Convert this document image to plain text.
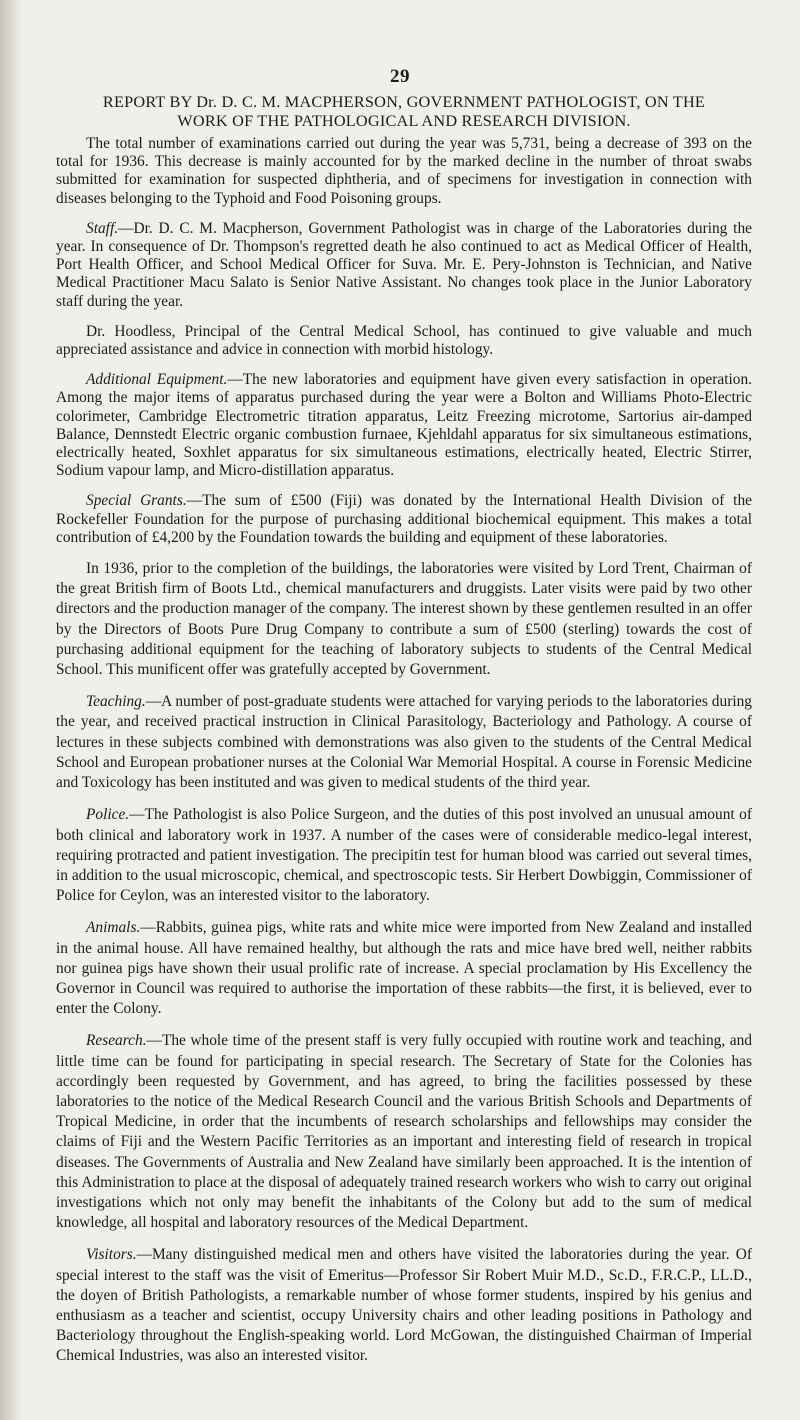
29
REPORT BY Dr. D. C. M. MACPHERSON, GOVERNMENT PATHOLOGIST, ON THE
WORK OF THE PATHOLOGICAL AND RESEARCH DIVISION.

The total number of examinations carried out during the year was 5,731, being a decrease of 393 on the total for 1936. This decrease is mainly accounted for by the marked decline in the number of throat swabs submitted for examination for suspected diphtheria, and of specimens for investigation in connection with diseases belonging to the Typhoid and Food Poisoning groups.

Staff.—Dr. D. C. M. Macpherson, Government Pathologist was in charge of the Laboratories during the year. In consequence of Dr. Thompson's regretted death he also continued to act as Medical Officer of Health, Port Health Officer, and School Medical Officer for Suva. Mr. E. Pery-Johnston is Technician, and Native Medical Practitioner Macu Salato is Senior Native Assistant. No changes took place in the Junior Laboratory staff during the year.

Dr. Hoodless, Principal of the Central Medical School, has continued to give valuable and much appreciated assistance and advice in connection with morbid histology.

Additional Equipment.—The new laboratories and equipment have given every satisfaction in operation. Among the major items of apparatus purchased during the year were a Bolton and Williams Photo-Electric colorimeter, Cambridge Electrometric titration apparatus, Leitz Freezing microtome, Sartorius air-damped Balance, Dennstedt Electric organic combustion furnaee, Kjehldahl apparatus for six simultaneous estimations, electrically heated, Soxhlet apparatus for six simultaneous estimations, electrically heated, Electric Stirrer, Sodium vapour lamp, and Micro-distillation apparatus.

Special Grants.—The sum of £500 (Fiji) was donated by the International Health Division of the Rockefeller Foundation for the purpose of purchasing additional biochemical equipment. This makes a total contribution of £4,200 by the Foundation towards the building and equipment of these laboratories.

In 1936, prior to the completion of the buildings, the laboratories were visited by Lord Trent, Chairman of the great British firm of Boots Ltd., chemical manufacturers and druggists. Later visits were paid by two other directors and the production manager of the company. The interest shown by these gentlemen resulted in an offer by the Directors of Boots Pure Drug Company to contribute a sum of £500 (sterling) towards the cost of purchasing additional equipment for the teaching of laboratory subjects to students of the Central Medical School. This munificent offer was gratefully accepted by Government.

Teaching.—A number of post-graduate students were attached for varying periods to the laboratories during the year, and received practical instruction in Clinical Parasitology, Bacteriology and Pathology. A course of lectures in these subjects combined with demonstrations was also given to the students of the Central Medical School and European probationer nurses at the Colonial War Memorial Hospital. A course in Forensic Medicine and Toxicology has been instituted and was given to medical students of the third year.

Police.—The Pathologist is also Police Surgeon, and the duties of this post involved an unusual amount of both clinical and laboratory work in 1937. A number of the cases were of considerable medico-legal interest, requiring protracted and patient investigation. The precipitin test for human blood was carried out several times, in addition to the usual microscopic, chemical, and spectroscopic tests. Sir Herbert Dowbiggin, Commissioner of Police for Ceylon, was an interested visitor to the laboratory.

Animals.—Rabbits, guinea pigs, white rats and white mice were imported from New Zealand and installed in the animal house. All have remained healthy, but although the rats and mice have bred well, neither rabbits nor guinea pigs have shown their usual prolific rate of increase. A special proclamation by His Excellency the Governor in Council was required to authorise the importation of these rabbits—the first, it is believed, ever to enter the Colony.

Research.—The whole time of the present staff is very fully occupied with routine work and teaching, and little time can be found for participating in special research. The Secretary of State for the Colonies has accordingly been requested by Government, and has agreed, to bring the facilities possessed by these laboratories to the notice of the Medical Research Council and the various British Schools and Departments of Tropical Medicine, in order that the incumbents of research scholarships and fellowships may consider the claims of Fiji and the Western Pacific Territories as an important and interesting field of research in tropical diseases. The Governments of Australia and New Zealand have similarly been approached. It is the intention of this Administration to place at the disposal of adequately trained research workers who wish to carry out original investigations which not only may benefit the inhabitants of the Colony but add to the sum of medical knowledge, all hospital and laboratory resources of the Medical Department.

Visitors.—Many distinguished medical men and others have visited the laboratories during the year. Of special interest to the staff was the visit of Emeritus—Professor Sir Robert Muir M.D., Sc.D., F.R.C.P., LL.D., the doyen of British Pathologists, a remarkable number of whose former students, inspired by his genius and enthusiasm as a teacher and scientist, occupy University chairs and other leading positions in Pathology and Bacteriology throughout the English-speaking world. Lord McGowan, the distinguished Chairman of Imperial Chemical Industries, was also an interested visitor.
